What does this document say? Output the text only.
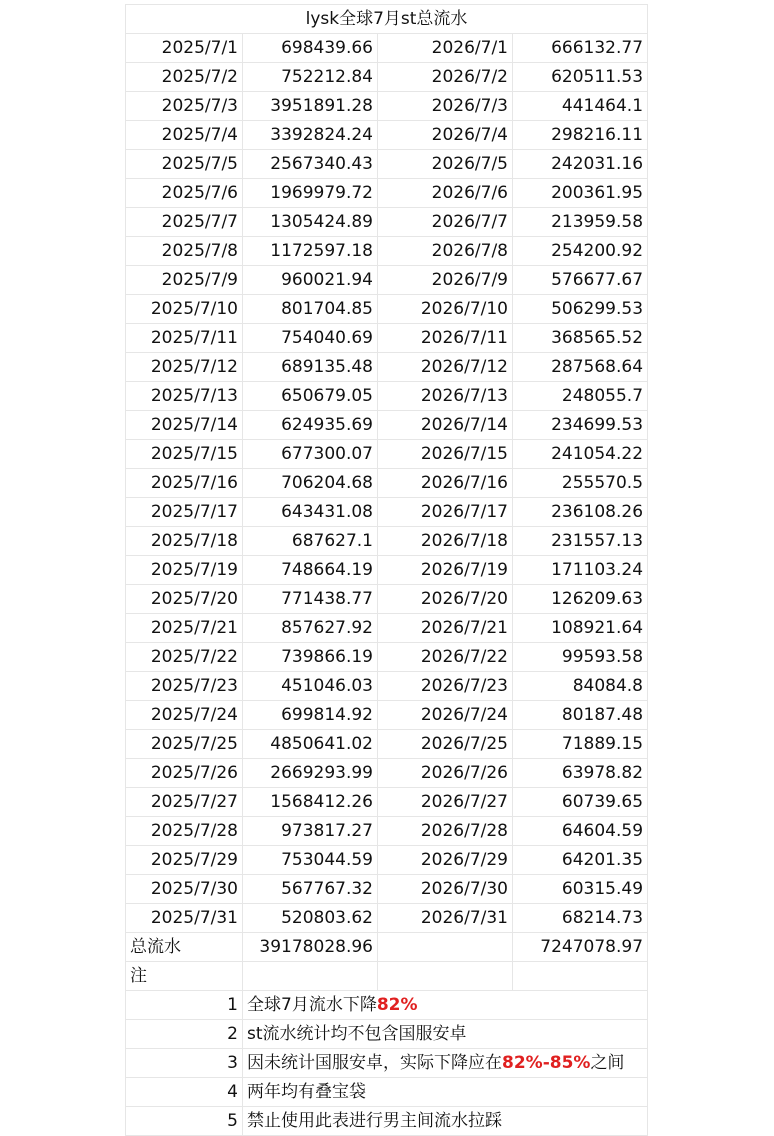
lysk全球7月st总流水			
2025/7/1	698439.66	2026/7/1	666132.77
2025/7/2	752212.84	2026/7/2	620511.53
2025/7/3	3951891.28	2026/7/3	441464.1
2025/7/4	3392824.24	2026/7/4	298216.11
2025/7/5	2567340.43	2026/7/5	242031.16
2025/7/6	1969979.72	2026/7/6	200361.95
2025/7/7	1305424.89	2026/7/7	213959.58
2025/7/8	1172597.18	2026/7/8	254200.92
2025/7/9	960021.94	2026/7/9	576677.67
2025/7/10	801704.85	2026/7/10	506299.53
2025/7/11	754040.69	2026/7/11	368565.52
2025/7/12	689135.48	2026/7/12	287568.64
2025/7/13	650679.05	2026/7/13	248055.7
2025/7/14	624935.69	2026/7/14	234699.53
2025/7/15	677300.07	2026/7/15	241054.22
2025/7/16	706204.68	2026/7/16	255570.5
2025/7/17	643431.08	2026/7/17	236108.26
2025/7/18	687627.1	2026/7/18	231557.13
2025/7/19	748664.19	2026/7/19	171103.24
2025/7/20	771438.77	2026/7/20	126209.63
2025/7/21	857627.92	2026/7/21	108921.64
2025/7/22	739866.19	2026/7/22	99593.58
2025/7/23	451046.03	2026/7/23	84084.8
2025/7/24	699814.92	2026/7/24	80187.48
2025/7/25	4850641.02	2026/7/25	71889.15
2025/7/26	2669293.99	2026/7/26	63978.82
2025/7/27	1568412.26	2026/7/27	60739.65
2025/7/28	973817.27	2026/7/28	64604.59
2025/7/29	753044.59	2026/7/29	64201.35
2025/7/30	567767.32	2026/7/30	60315.49
2025/7/31	520803.62	2026/7/31	68214.73
总流水	39178028.96		7247078.97
注			
1	全球7月流水下降82%		
2	st流水统计均不包含国服安卓		
3	因未统计国服安卓，实际下降应在82%-85%之间		
4	两年均有叠宝袋		
5	禁止使用此表进行男主间流水拉踩		
